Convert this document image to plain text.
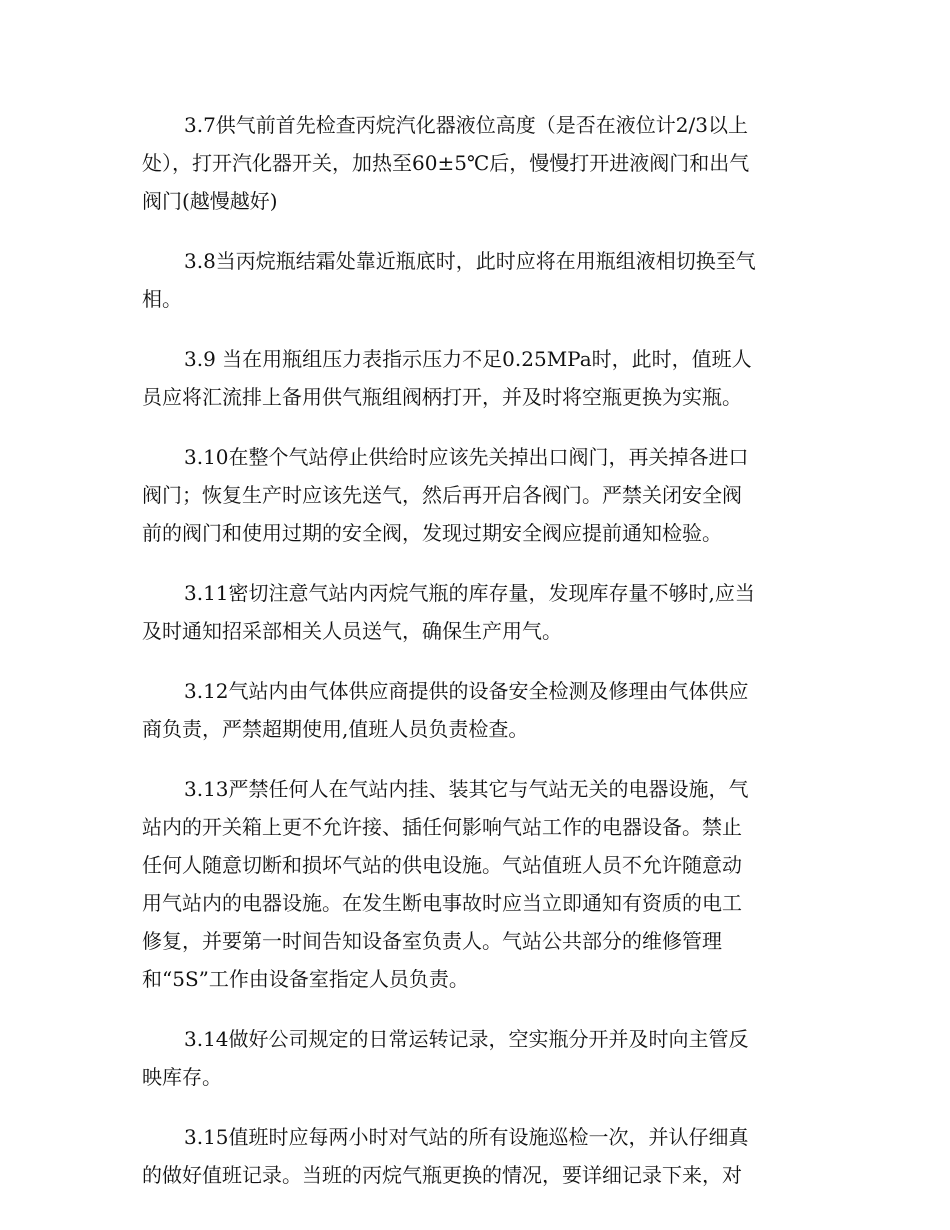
3.7供气前首先检查丙烷汽化器液位高度（是否在液位计2/3以上
处），打开汽化器开关，加热至60±5℃后，慢慢打开进液阀门和出气
阀门(越慢越好)

3.8当丙烷瓶结霜处靠近瓶底时，此时应将在用瓶组液相切换至气
相。

3.9 当在用瓶组压力表指示压力不足0.25MPa时，此时，值班人
员应将汇流排上备用供气瓶组阀柄打开，并及时将空瓶更换为实瓶。

3.10在整个气站停止供给时应该先关掉出口阀门，再关掉各进口
阀门；恢复生产时应该先送气，然后再开启各阀门。严禁关闭安全阀
前的阀门和使用过期的安全阀，发现过期安全阀应提前通知检验。

3.11密切注意气站内丙烷气瓶的库存量，发现库存量不够时,应当
及时通知招采部相关人员送气，确保生产用气。

3.12气站内由气体供应商提供的设备安全检测及修理由气体供应
商负责，严禁超期使用,值班人员负责检查。

3.13严禁任何人在气站内挂、装其它与气站无关的电器设施，气
站内的开关箱上更不允许接、插任何影响气站工作的电器设备。禁止
任何人随意切断和损坏气站的供电设施。气站值班人员不允许随意动
用气站内的电器设施。在发生断电事故时应当立即通知有资质的电工
修复，并要第一时间告知设备室负责人。气站公共部分的维修管理
和“5S”工作由设备室指定人员负责。

3.14做好公司规定的日常运转记录，空实瓶分开并及时向主管反
映库存。

3.15值班时应每两小时对气站的所有设施巡检一次，并认仔细真
的做好值班记录。当班的丙烷气瓶更换的情况，要详细记录下来，对
